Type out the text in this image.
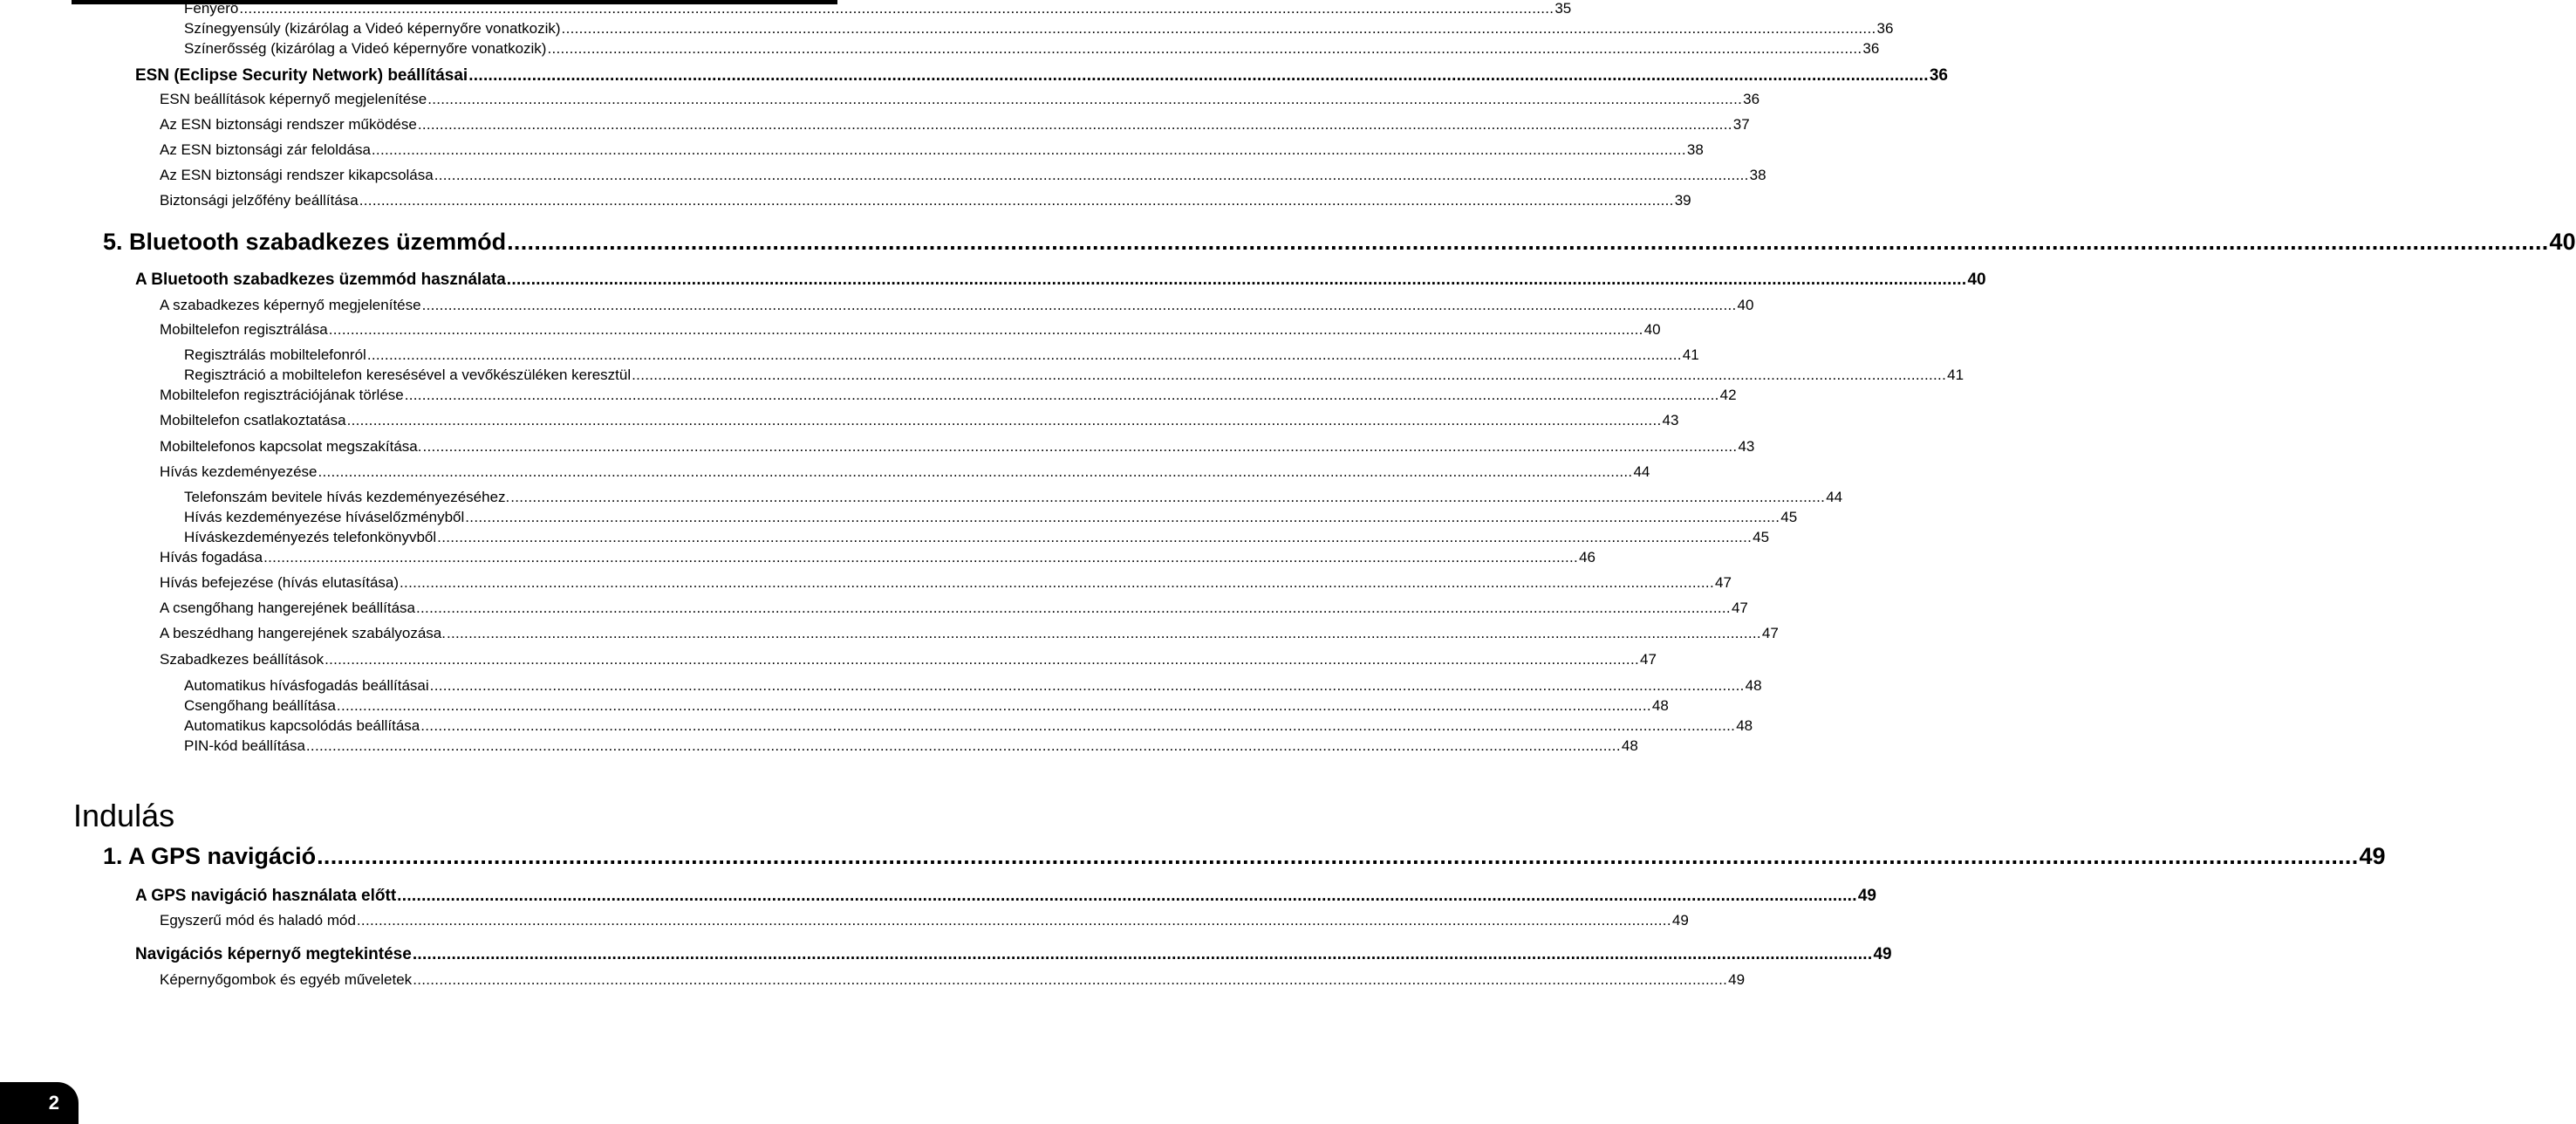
Fényerő ............................................................................................................................................................................................................................................................................................................ 35
Színegyensúly (kizárólag a Videó képernyőre vonatkozik) ............................................................................................................................................................................................................................................................................................................ 36
Színerősség (kizárólag a Videó képernyőre vonatkozik) ............................................................................................................................................................................................................................................................................................................ 36
ESN (Eclipse Security Network) beállításai ............................................................................................................................................................................................................................................................................................................ 36
ESN beállítások képernyő megjelenítése ............................................................................................................................................................................................................................................................................................................ 36
Az ESN biztonsági rendszer működése ............................................................................................................................................................................................................................................................................................................ 37
Az ESN biztonsági zár feloldása ............................................................................................................................................................................................................................................................................................................ 38
Az ESN biztonsági rendszer kikapcsolása ............................................................................................................................................................................................................................................................................................................ 38
Biztonsági jelzőfény beállítása ............................................................................................................................................................................................................................................................................................................ 39
5. Bluetooth szabadkezes üzemmód ............................................................................................................................................................................................................................................................................................................ 40
A Bluetooth szabadkezes üzemmód használata ............................................................................................................................................................................................................................................................................................................ 40
A szabadkezes képernyő megjelenítése ............................................................................................................................................................................................................................................................................................................ 40
Mobiltelefon regisztrálása ............................................................................................................................................................................................................................................................................................................ 40
Regisztrálás mobiltelefonról ............................................................................................................................................................................................................................................................................................................ 41
Regisztráció a mobiltelefon keresésével a vevőkészüléken keresztül ............................................................................................................................................................................................................................................................................................................ 41
Mobiltelefon regisztrációjának törlése ............................................................................................................................................................................................................................................................................................................ 42
Mobiltelefon csatlakoztatása ............................................................................................................................................................................................................................................................................................................ 43
Mobiltelefonos kapcsolat megszakítása. ............................................................................................................................................................................................................................................................................................................ 43
Hívás kezdeményezése ............................................................................................................................................................................................................................................................................................................ 44
Telefonszám bevitele hívás kezdeményezéséhez. ............................................................................................................................................................................................................................................................................................................ 44
Hívás kezdeményezése híváselőzményből ............................................................................................................................................................................................................................................................................................................ 45
Híváskezdeményezés telefonkönyvből ............................................................................................................................................................................................................................................................................................................ 45
Hívás fogadása ............................................................................................................................................................................................................................................................................................................ 46
Hívás befejezése (hívás elutasítása) ............................................................................................................................................................................................................................................................................................................ 47
A csengőhang hangerejének beállítása ............................................................................................................................................................................................................................................................................................................ 47
A beszédhang hangerejének szabályozása. ............................................................................................................................................................................................................................................................................................................ 47
Szabadkezes beállítások ............................................................................................................................................................................................................................................................................................................ 47
Automatikus hívásfogadás beállításai ............................................................................................................................................................................................................................................................................................................ 48
Csengőhang beállítása ............................................................................................................................................................................................................................................................................................................ 48
Automatikus kapcsolódás beállítása ............................................................................................................................................................................................................................................................................................................ 48
PIN-kód beállítása ............................................................................................................................................................................................................................................................................................................ 48
1. A GPS navigáció ............................................................................................................................................................................................................................................................................................................ 49
A GPS navigáció használata előtt ............................................................................................................................................................................................................................................................................................................ 49
Egyszerű mód és haladó mód ............................................................................................................................................................................................................................................................................................................ 49
Navigációs képernyő megtekintése ............................................................................................................................................................................................................................................................................................................ 49
Képernyőgombok és egyéb műveletek ............................................................................................................................................................................................................................................................................................................ 49
Indulás
2
